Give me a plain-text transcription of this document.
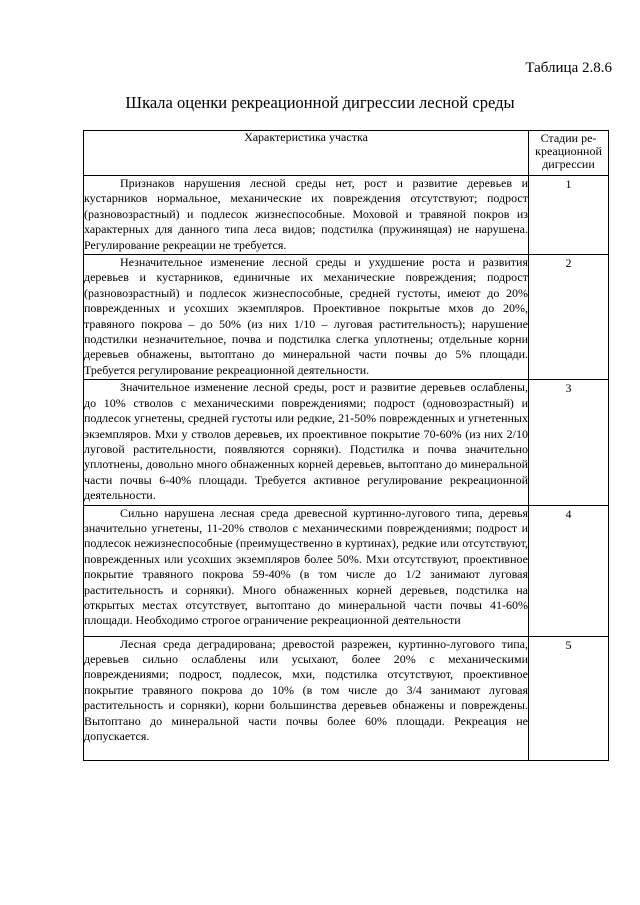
Таблица 2.8.6
Шкала оценки рекреационной дигрессии лесной среды
Характеристика участка	Стадии ре-
креационной
дигрессии

Признаков нарушения лесной среды нет, рост и развитие деревьев и кустарников нормальное, механические их повреждения отсутствуют; подрост (разновозрастный) и подлесок жизнеспособные. Моховой и травяной покров из характерных для данного типа леса видов; подстилка (пружинящая) не нарушена. Регулирование рекреации не требуется.	1

Незначительное изменение лесной среды и ухудшение роста и развития деревьев и кустарников, единичные их механические повреждения; подрост (разновозрастный) и подлесок жизнеспособные, средней густоты, имеют до 20% поврежденных и усохших экземпляров. Проективное покрытые мхов до 20%, травяного покрова – до 50% (из них 1/10 – луговая растительность); нарушение подстилки незначительное, почва и подстилка слегка уплотнены; отдельные корни деревьев обнажены, вытоптано до минеральной части почвы до 5% площади. Требуется регулирование рекреационной деятельности.	2

Значительное изменение лесной среды, рост и развитие деревьев ослаблены, до 10% стволов с механическими повреждениями; подрост (одновозрастный) и подлесок угнетены, средней густоты или редкие, 21-50% поврежденных и угнетенных экземпляров. Мхи у стволов деревьев, их проективное покрытие 70-60% (из них 2/10 луговой растительности, появляются сорняки). Подстилка и почва значительно уплотнены, довольно много обнаженных корней деревьев, вытоптано до минеральной части почвы 6-40% площади. Требуется активное регулирование рекреационной деятельности.	3

Сильно нарушена лесная среда древесной куртинно-лугового типа, деревья значительно угнетены, 11-20% стволов с механическими повреждениями; подрост и подлесок нежизнеспособные (преимущественно в куртинах), редкие или отсутствуют, поврежденных или усохших экземпляров более 50%. Мхи отсутствуют, проективное покрытие травяного покрова 59-40% (в том числе до 1/2 занимают луговая растительность и сорняки). Много обнаженных корней деревьев, подстилка на открытых местах отсутствует, вытоптано до минеральной части почвы 41-60% площади. Необходимо строгое ограничение рекреационной деятельности	4

Лесная среда деградирована; древостой разрежен, куртинно-лугового типа, деревьев сильно ослаблены или усыхают, более 20% с механическими повреждениями; подрост, подлесок, мхи, подстилка отсутствуют, проективное покрытие травяного покрова до 10% (в том числе до 3/4 занимают луговая растительность и сорняки), корни большинства деревьев обнажены и повреждены. Вытоптано до минеральной части почвы более 60% площади. Рекреация не допускается.	5
